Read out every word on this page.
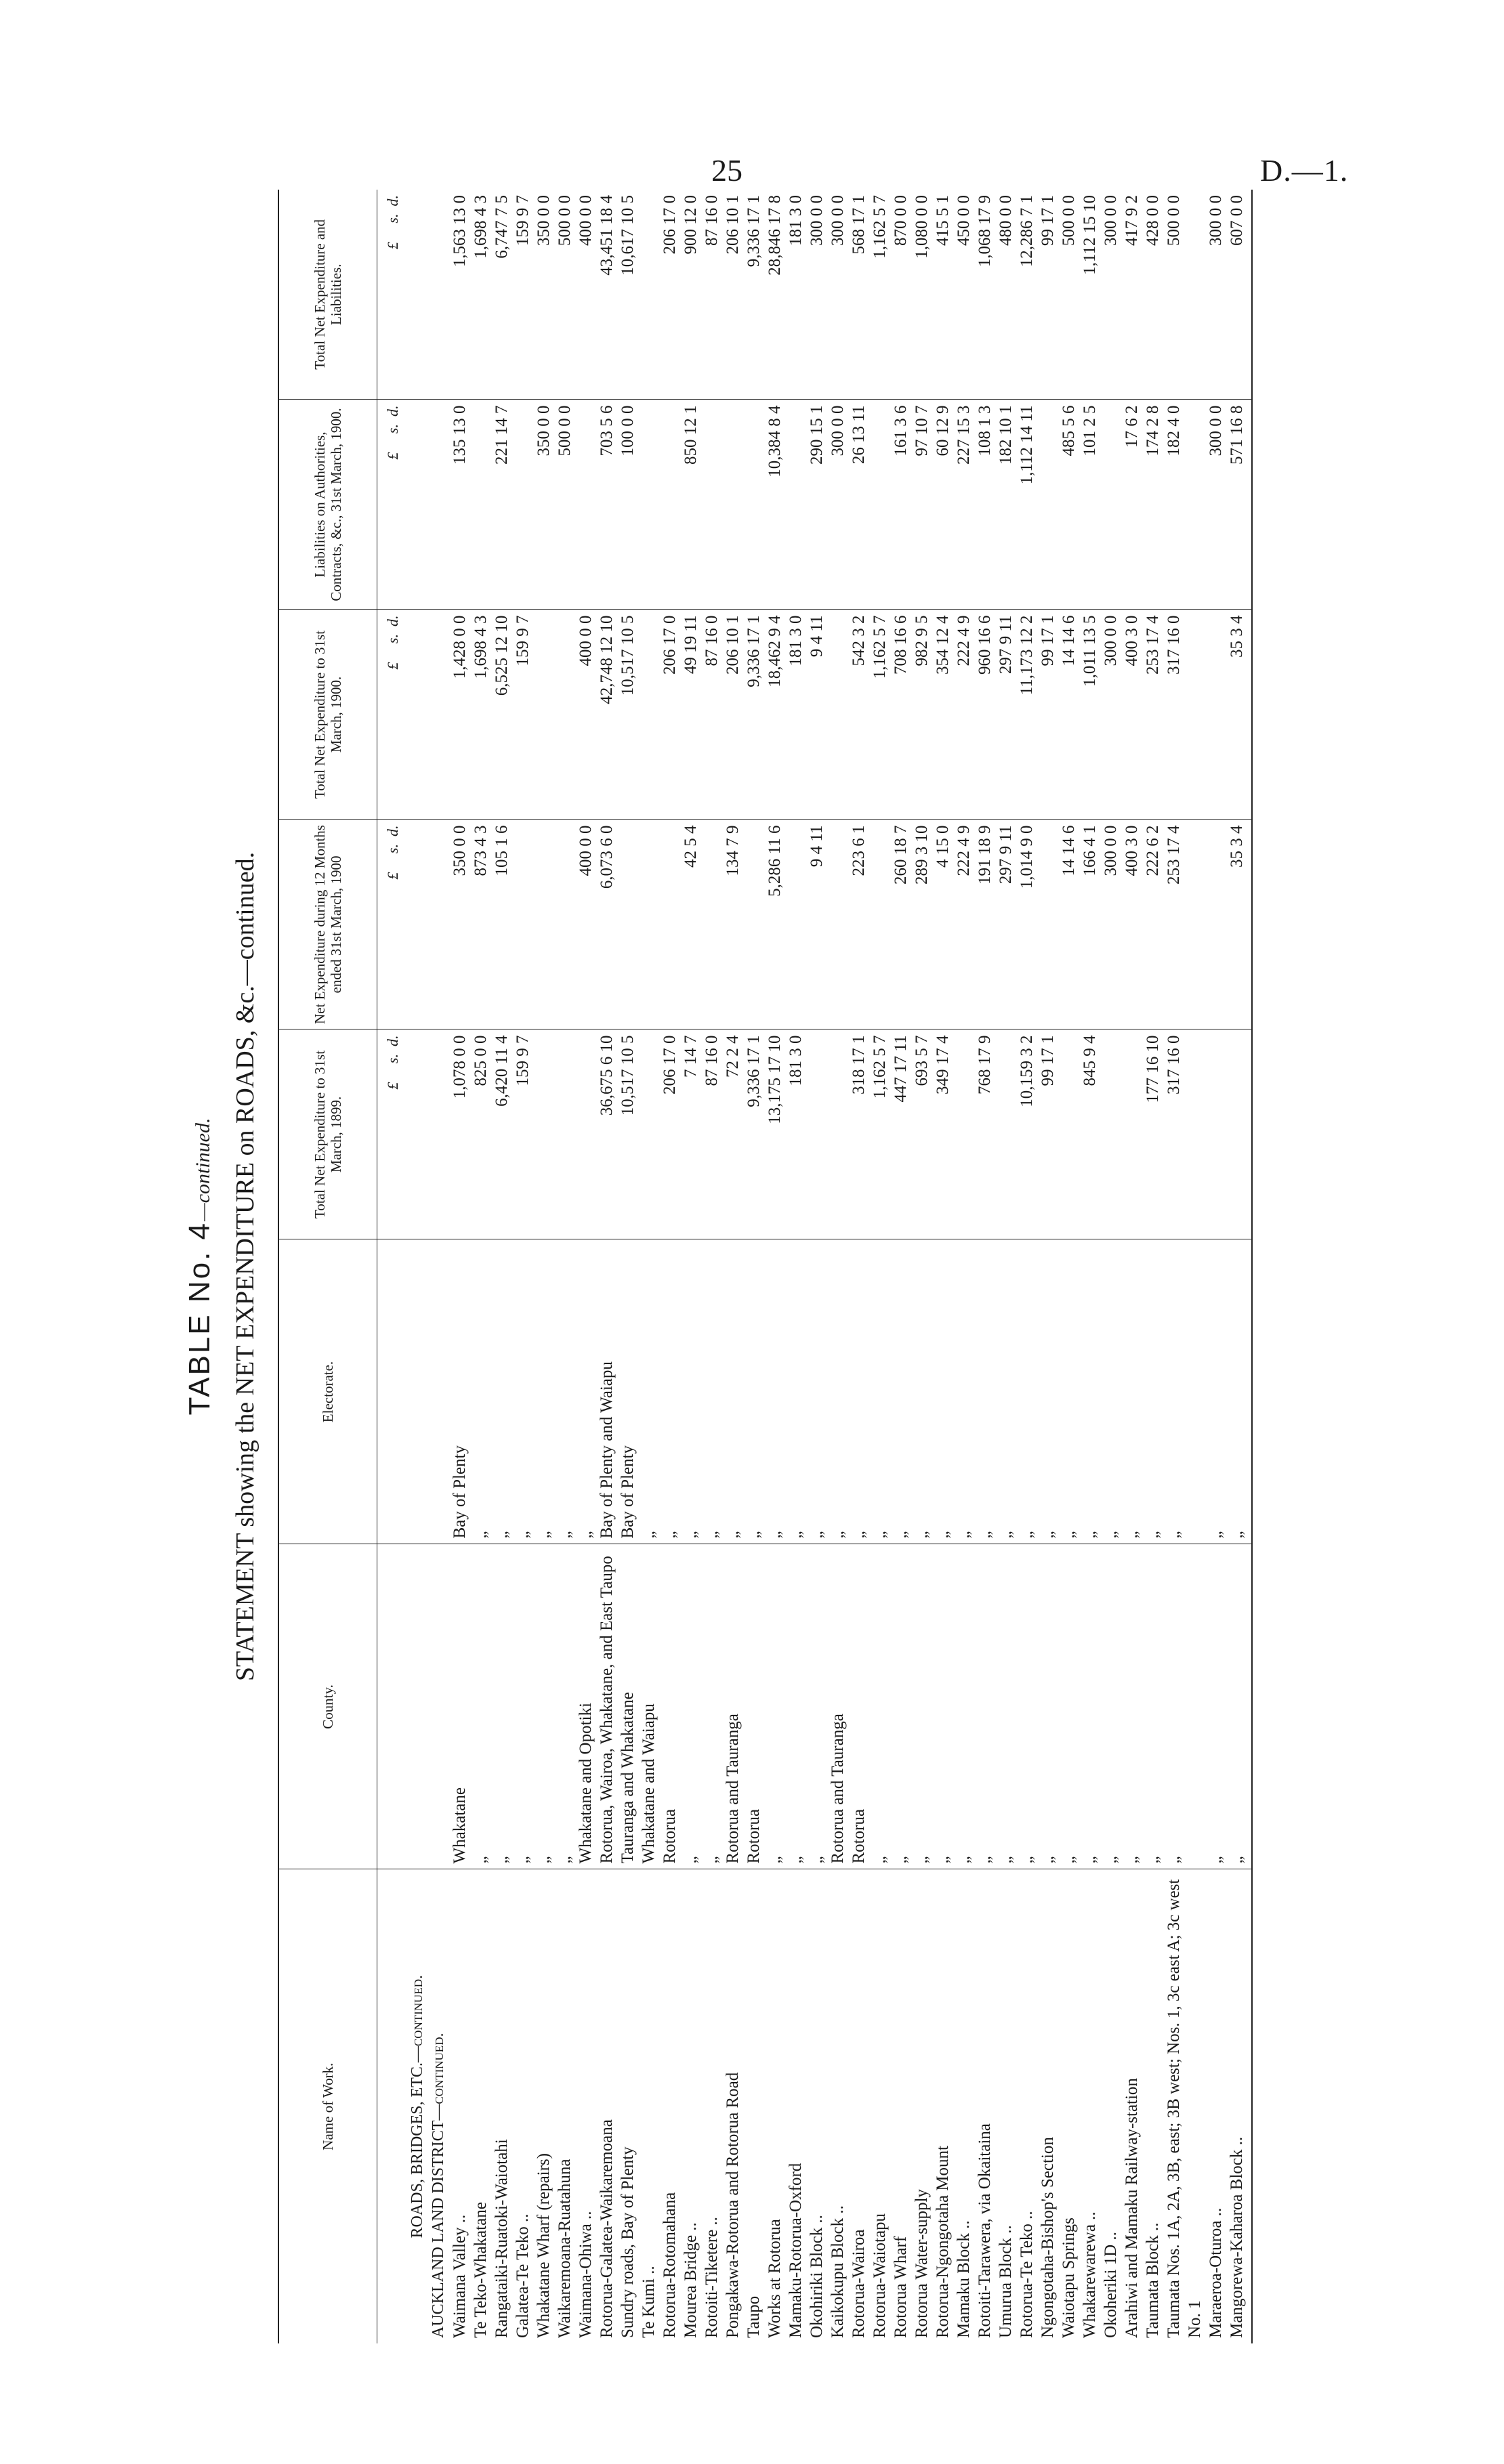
25	D.—1.
TABLE No. 4—continued. STATEMENT showing the NET EXPENDITURE on ROADS, &c.—continued.
Name of Work.	County.	Electorate.	Total Net Expenditure to 31st March, 1899.	Net Expenditure during 12 Months ended 31st March, 1900	Total Net Expenditure to 31st March, 1900.	Liabilities on Authorities, Contracts, &c., 31st March, 1900.	Total Net Expenditure and Liabilities.
			£     s.  d.	£     s.  d.	£     s.  d.	£     s.  d.	£     s.  d.
ROADS, BRIDGES, ETC.—continued.							
AUCKLAND LAND DISTRICT—continued.							
Waimana Valley ..	Whakatane	Bay of Plenty	1,078 0 0	350 0 0	1,428 0 0	135 13 0	1,563 13 0
Te Teko-Whakatane	„	„	825 0 0	873 4 3	1,698 4 3		1,698 4 3
Rangataiki-Ruatoki-Waiotahi	„	„	6,420 11 4	105 1 6	6,525 12 10	221 14 7	6,747 7 5
Galatea-Te Teko ..	„	„	159 9 7		159 9 7		159 9 7
Whakatane Wharf (repairs)	„	„				350 0 0	350 0 0
Waikaremoana-Ruatahuna	„	„				500 0 0	500 0 0
Waimana-Ohiwa ..	Whakatane and Opotiki	„		400 0 0	400 0 0		400 0 0
Rotorua-Galatea-Waikaremoana	Rotorua, Wairoa, Whakatane, and East Taupo	Bay of Plenty and Waiapu	36,675 6 10	6,073 6 0	42,748 12 10	703 5 6	43,451 18 4
Sundry roads, Bay of Plenty	Tauranga and Whakatane	Bay of Plenty	10,517 10 5		10,517 10 5	100 0 0	10,617 10 5
Te Kumi ..	Whakatane and Waiapu	„					
Rotorua-Rotomahana	Rotorua	„	206 17 0		206 17 0		206 17 0
Mourea Bridge ..	„	„	7 14 7	42 5 4	49 19 11	850 12 1	900 12 0
Rotoiti-Tiketere ..	„	„	87 16 0		87 16 0		87 16 0
Pongakawa-Rotorua and Rotorua Road	Rotorua and Tauranga	„	72 2 4	134 7 9	206 10 1		206 10 1
Taupo	Rotorua	„	9,336 17 1		9,336 17 1		9,336 17 1
Works at Rotorua	„	„	13,175 17 10	5,286 11 6	18,462 9 4	10,384 8 4	28,846 17 8
Mamaku-Rotorua-Oxford	„	„	181 3 0		181 3 0		181 3 0
Okohiriki Block ..	„	„		9 4 11	9 4 11	290 15 1	300 0 0
Kaikokupu Block ..	Rotorua and Tauranga	„				300 0 0	300 0 0
Rotorua-Wairoa	Rotorua	„	318 17 1	223 6 1	542 3 2	26 13 11	568 17 1
Rotorua-Waiotapu	„	„	1,162 5 7		1,162 5 7		1,162 5 7
Rotorua Wharf	„	„	447 17 11	260 18 7	708 16 6	161 3 6	870 0 0
Rotorua Water-supply	„	„	693 5 7	289 3 10	982 9 5	97 10 7	1,080 0 0
Rotorua-Ngongotaha Mount	„	„	349 17 4	4 15 0	354 12 4	60 12 9	415 5 1
Mamaku Block ..	„	„		222 4 9	222 4 9	227 15 3	450 0 0
Rotoiti-Tarawera, via Okaitaina	„	„	768 17 9	191 18 9	960 16 6	108 1 3	1,068 17 9
Umurua Block ..	„	„		297 9 11	297 9 11	182 10 1	480 0 0
Rotorua-Te Teko ..	„	„	10,159 3 2	1,014 9 0	11,173 12 2	1,112 14 11	12,286 7 1
Ngongotaha-Bishop's Section	„	„	99 17 1		99 17 1		99 17 1
Waiotapu Springs	„	„		14 14 6	14 14 6	485 5 6	500 0 0
Whakarewarewa ..	„	„	845 9 4	166 4 1	1,011 13 5	101 2 5	1,112 15 10
Okoheriki 1D ..	„	„		300 0 0	300 0 0		300 0 0
Arahiwi and Mamaku Railway-station	„	„		400 3 0	400 3 0	17 6 2	417 9 2
Taumata Block ..	„	„	177 16 10	222 6 2	253 17 4	174 2 8	428 0 0
Taumata Nos. 1A, 2A, 3B, east; 3B west; Nos. 1, 3c east A; 3c west No. 1	„	„	317 16 0	253 17 4	317 16 0	182 4 0	500 0 0
Maraeroa-Oturoa ..	„	„				300 0 0	300 0 0
Mangorewa-Kaharoa Block ..	„	„		35 3 4	35 3 4	571 16 8	607 0 0
